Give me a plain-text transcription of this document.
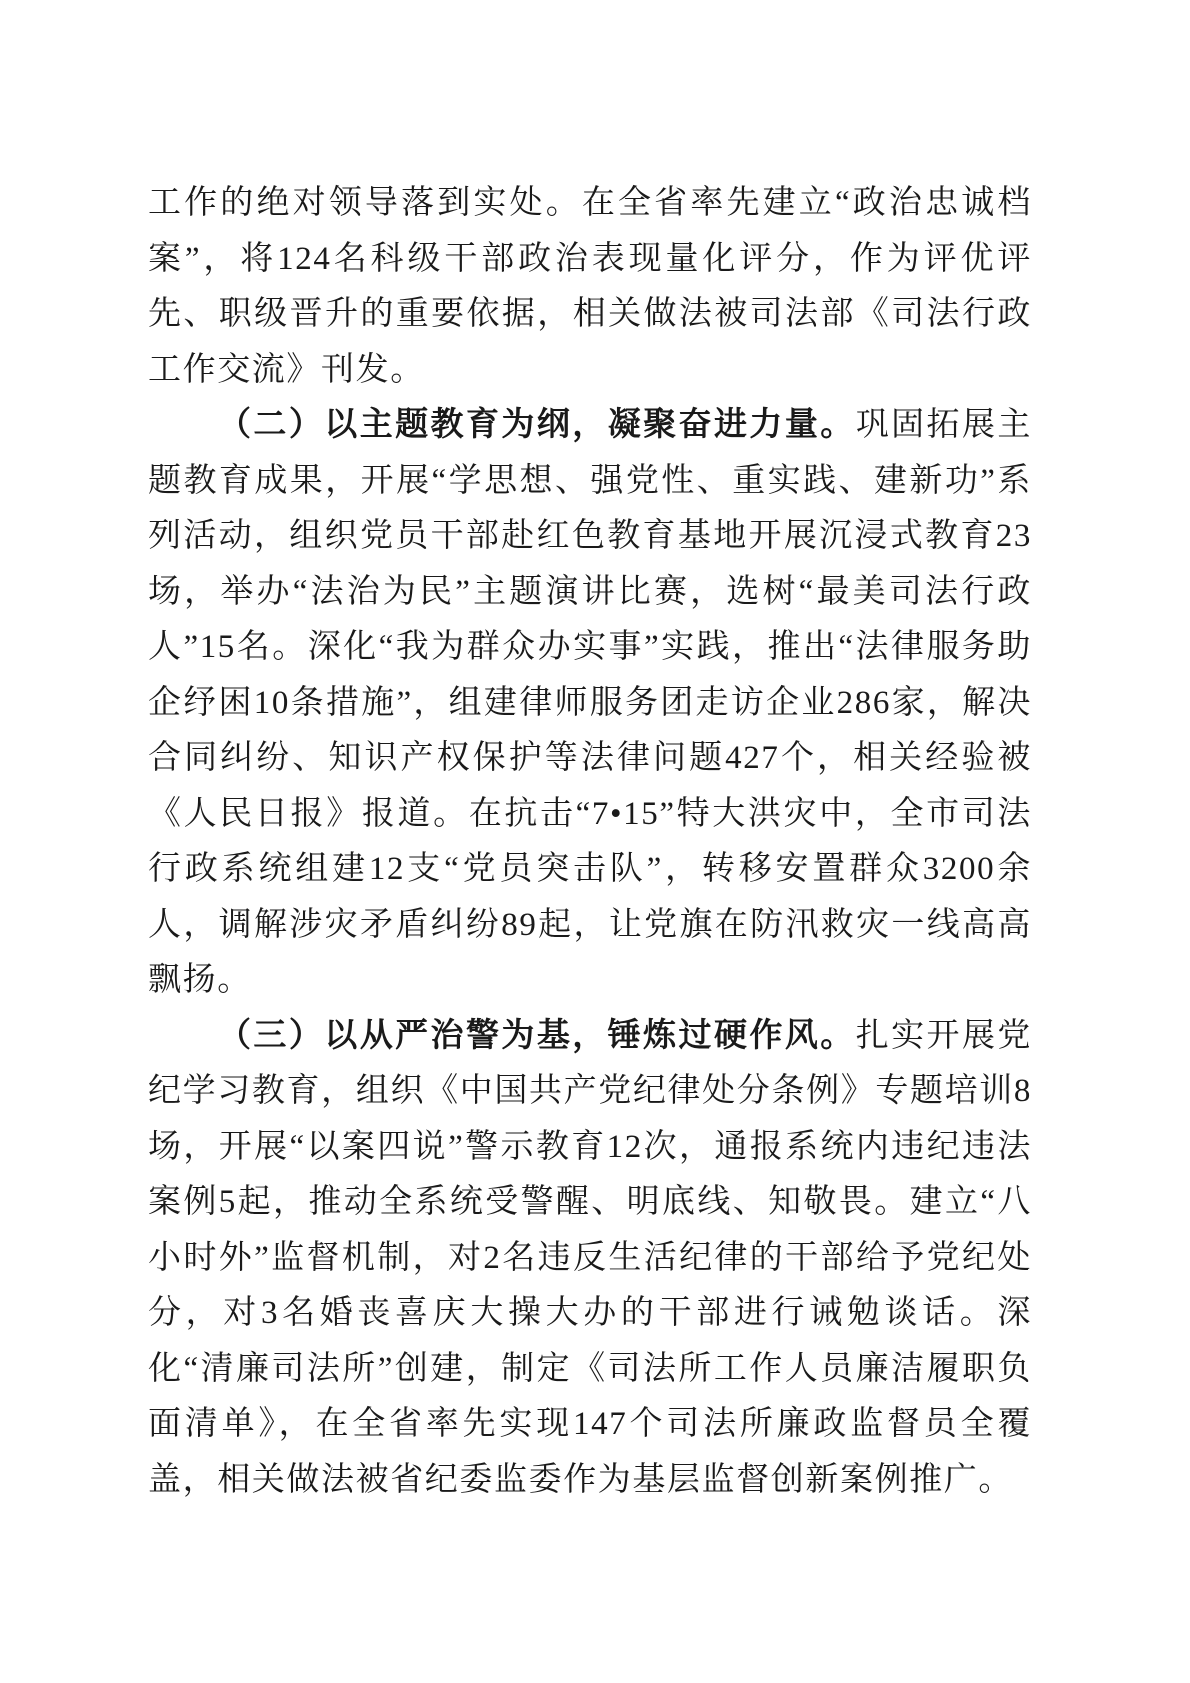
工作的绝对领导落到实处。在全省率先建立“政治忠诚档案”，将124名科级干部政治表现量化评分，作为评优评先、职级晋升的重要依据，相关做法被司法部《司法行政工作交流》刊发。

（二）以主题教育为纲，凝聚奋进力量。巩固拓展主题教育成果，开展“学思想、强党性、重实践、建新功”系列活动，组织党员干部赴红色教育基地开展沉浸式教育23场，举办“法治为民”主题演讲比赛，选树“最美司法行政人”15名。深化“我为群众办实事”实践，推出“法律服务助企纾困10条措施”，组建律师服务团走访企业286家，解决合同纠纷、知识产权保护等法律问题427个，相关经验被《人民日报》报道。在抗击“7•15”特大洪灾中，全市司法行政系统组建12支“党员突击队”，转移安置群众3200余人，调解涉灾矛盾纠纷89起，让党旗在防汛救灾一线高高飘扬。

（三）以从严治警为基，锤炼过硬作风。扎实开展党纪学习教育，组织《中国共产党纪律处分条例》专题培训8场，开展“以案四说”警示教育12次，通报系统内违纪违法案例5起，推动全系统受警醒、明底线、知敬畏。建立“八小时外”监督机制，对2名违反生活纪律的干部给予党纪处分，对3名婚丧喜庆大操大办的干部进行诫勉谈话。深化“清廉司法所”创建，制定《司法所工作人员廉洁履职负面清单》，在全省率先实现147个司法所廉政监督员全覆盖，相关做法被省纪委监委作为基层监督创新案例推广。
